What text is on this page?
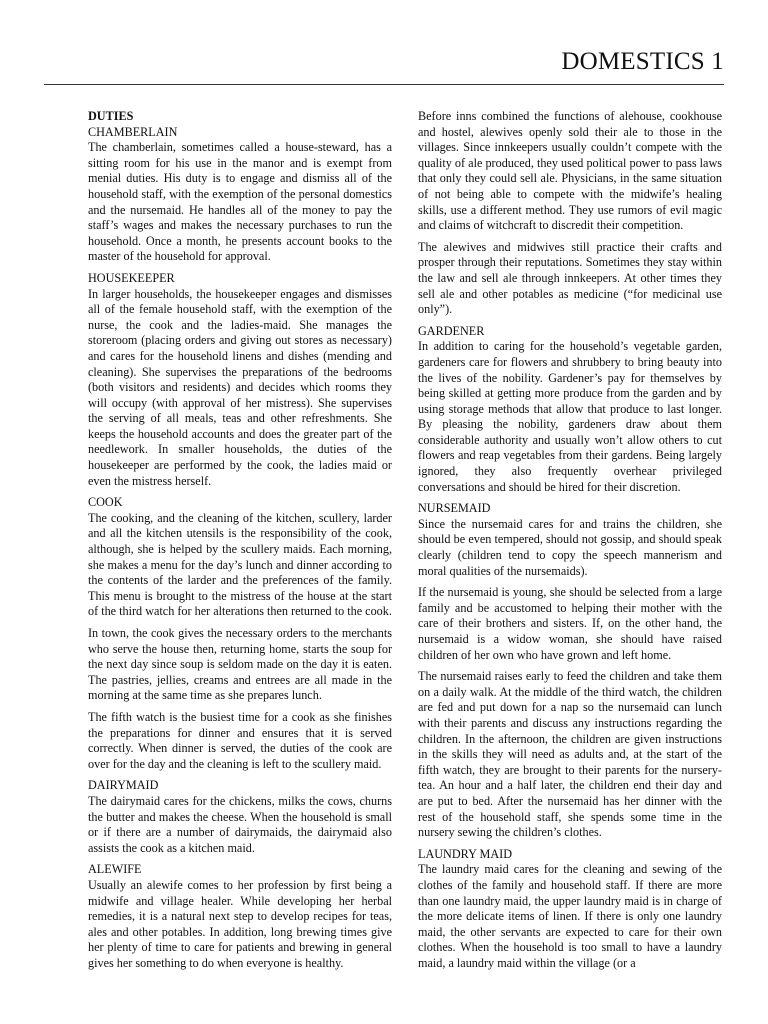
DOMESTICS 1
DUTIES
CHAMBERLAIN

The chamberlain, sometimes called a house-steward, has a sitting room for his use in the manor and is exempt from menial duties. His duty is to engage and dismiss all of the household staff, with the exemption of the personal domestics and the nursemaid. He handles all of the money to pay the staff’s wages and makes the necessary purchases to run the household. Once a month, he presents account books to the master of the household for approval.

HOUSEKEEPER

In larger households, the housekeeper engages and dismisses all of the female household staff, with the exemption of the nurse, the cook and the ladies-maid. She manages the storeroom (placing orders and giving out stores as necessary) and cares for the household linens and dishes (mending and cleaning). She supervises the preparations of the bedrooms (both visitors and residents) and decides which rooms they will occupy (with approval of her mistress). She supervises the serving of all meals, teas and other refreshments. She keeps the household accounts and does the greater part of the needlework. In smaller households, the duties of the housekeeper are performed by the cook, the ladies maid or even the mistress herself.

COOK

The cooking, and the cleaning of the kitchen, scullery, larder and all the kitchen utensils is the responsibility of the cook, although, she is helped by the scullery maids. Each morning, she makes a menu for the day’s lunch and dinner according to the contents of the larder and the preferences of the family. This menu is brought to the mistress of the house at the start of the third watch for her alterations then returned to the cook.

In town, the cook gives the necessary orders to the merchants who serve the house then, returning home, starts the soup for the next day since soup is seldom made on the day it is eaten. The pastries, jellies, creams and entrees are all made in the morning at the same time as she prepares lunch.

The fifth watch is the busiest time for a cook as she finishes the preparations for dinner and ensures that it is served correctly. When dinner is served, the duties of the cook are over for the day and the cleaning is left to the scullery maid.

DAIRYMAID

The dairymaid cares for the chickens, milks the cows, churns the butter and makes the cheese. When the household is small or if there are a number of dairymaids, the dairymaid also assists the cook as a kitchen maid.

ALEWIFE

Usually an alewife comes to her profession by first being a midwife and village healer. While developing her herbal remedies, it is a natural next step to develop recipes for teas, ales and other potables. In addition, long brewing times give her plenty of time to care for patients and brewing in general gives her something to do when everyone is healthy.

Before inns combined the functions of alehouse, cookhouse and hostel, alewives openly sold their ale to those in the villages. Since innkeepers usually couldn’t compete with the quality of ale produced, they used political power to pass laws that only they could sell ale. Physicians, in the same situation of not being able to compete with the midwife’s healing skills, use a different method. They use rumors of evil magic and claims of witchcraft to discredit their competition.

The alewives and midwives still practice their crafts and prosper through their reputations. Sometimes they stay within the law and sell ale through innkeepers. At other times they sell ale and other potables as medicine (“for medicinal use only”).

GARDENER

In addition to caring for the household’s vegetable garden, gardeners care for flowers and shrubbery to bring beauty into the lives of the nobility. Gardener’s pay for themselves by being skilled at getting more produce from the garden and by using storage methods that allow that produce to last longer. By pleasing the nobility, gardeners draw about them considerable authority and usually won’t allow others to cut flowers and reap vegetables from their gardens. Being largely ignored, they also frequently overhear privileged conversations and should be hired for their discretion.

NURSEMAID

Since the nursemaid cares for and trains the children, she should be even tempered, should not gossip, and should speak clearly (children tend to copy the speech mannerism and moral qualities of the nursemaids).

If the nursemaid is young, she should be selected from a large family and be accustomed to helping their mother with the care of their brothers and sisters. If, on the other hand, the nursemaid is a widow woman, she should have raised children of her own who have grown and left home.

The nursemaid raises early to feed the children and take them on a daily walk. At the middle of the third watch, the children are fed and put down for a nap so the nursemaid can lunch with their parents and discuss any instructions regarding the children. In the afternoon, the children are given instructions in the skills they will need as adults and, at the start of the fifth watch, they are brought to their parents for the nursery-tea. An hour and a half later, the children end their day and are put to bed. After the nursemaid has her dinner with the rest of the household staff, she spends some time in the nursery sewing the children’s clothes.

LAUNDRY MAID

The laundry maid cares for the cleaning and sewing of the clothes of the family and household staff. If there are more than one laundry maid, the upper laundry maid is in charge of the more delicate items of linen. If there is only one laundry maid, the other servants are expected to care for their own clothes. When the household is too small to have a laundry maid, a laundry maid within the village (or a
